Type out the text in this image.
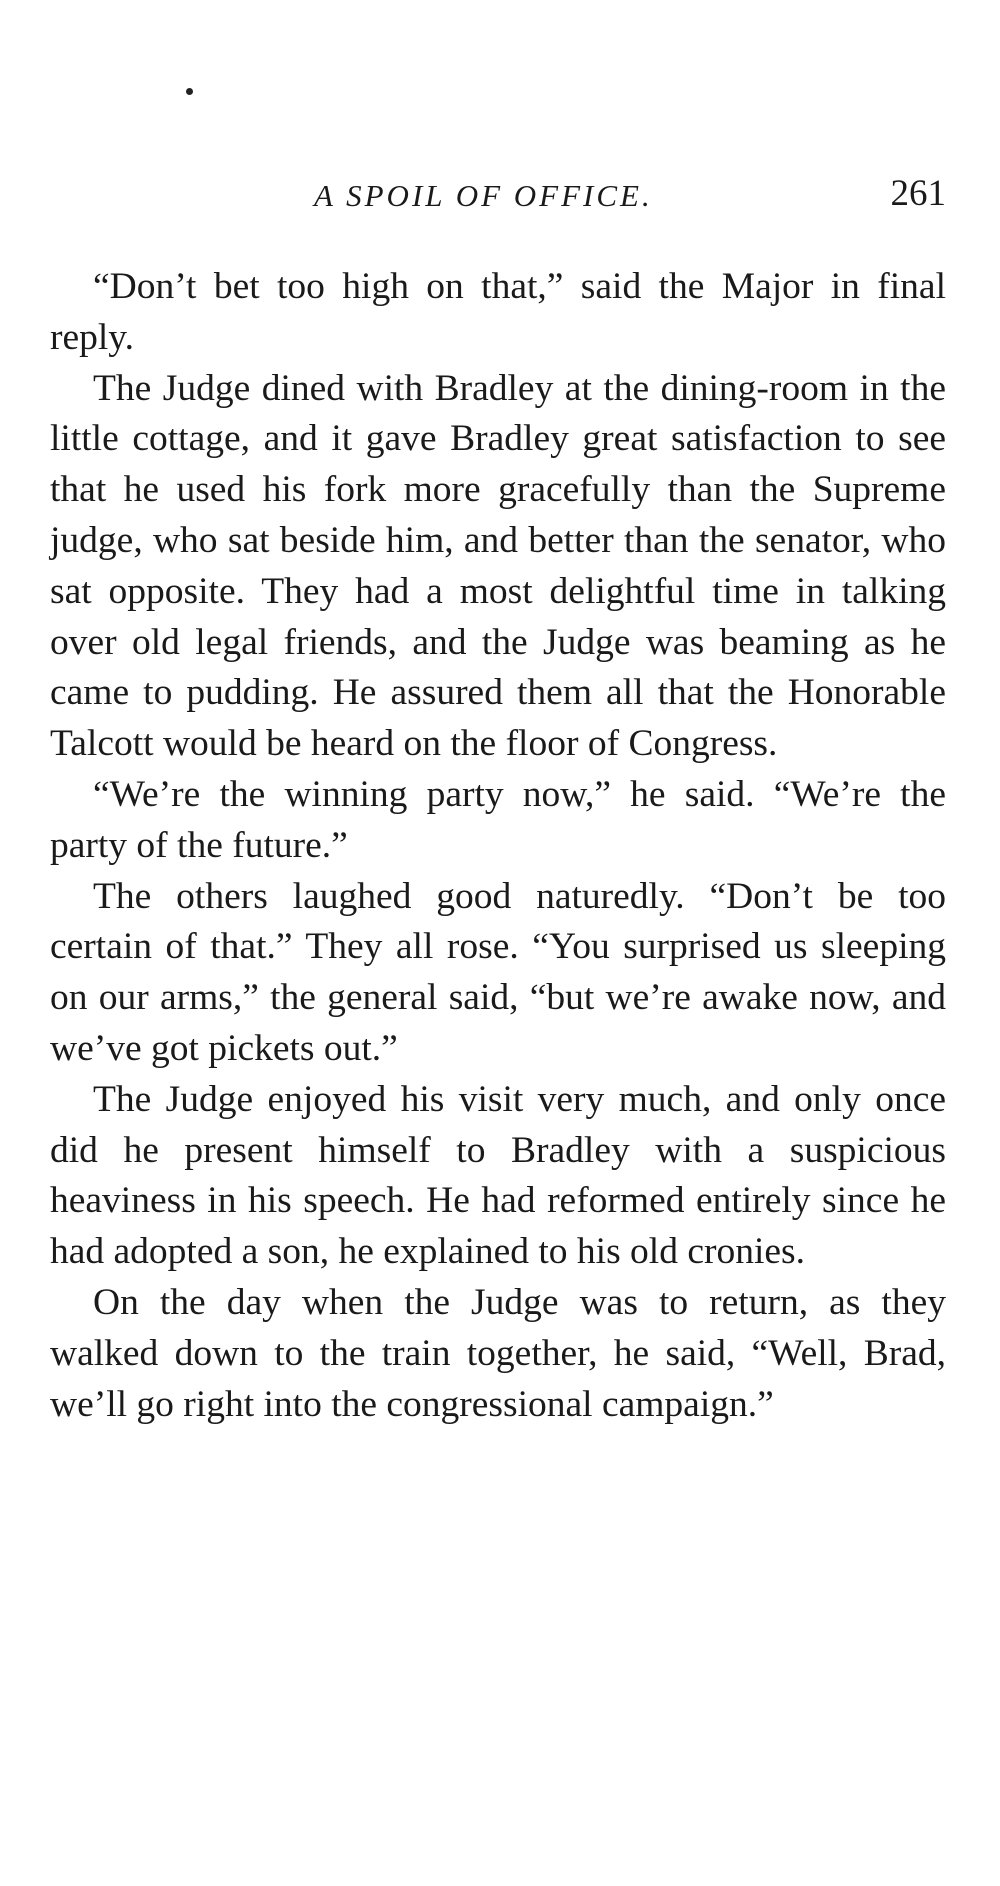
A SPOIL OF OFFICE.	261

“Don’t bet too high on that,” said the Major in final reply.

The Judge dined with Bradley at the dining-room in the little cottage, and it gave Bradley great satisfaction to see that he used his fork more gracefully than the Supreme judge, who sat beside him, and better than the senator, who sat opposite. They had a most delightful time in talking over old legal friends, and the Judge was beaming as he came to pudding. He assured them all that the Honorable Talcott would be heard on the floor of Congress.

“We’re the winning party now,” he said. “We’re the party of the future.”

The others laughed good naturedly. “Don’t be too certain of that.” They all rose. “You surprised us sleeping on our arms,” the general said, “but we’re awake now, and we’ve got pickets out.”

The Judge enjoyed his visit very much, and only once did he present himself to Bradley with a suspicious heaviness in his speech. He had reformed entirely since he had adopted a son, he explained to his old cronies.

On the day when the Judge was to return, as they walked down to the train together, he said, “Well, Brad, we’ll go right into the congressional campaign.”
